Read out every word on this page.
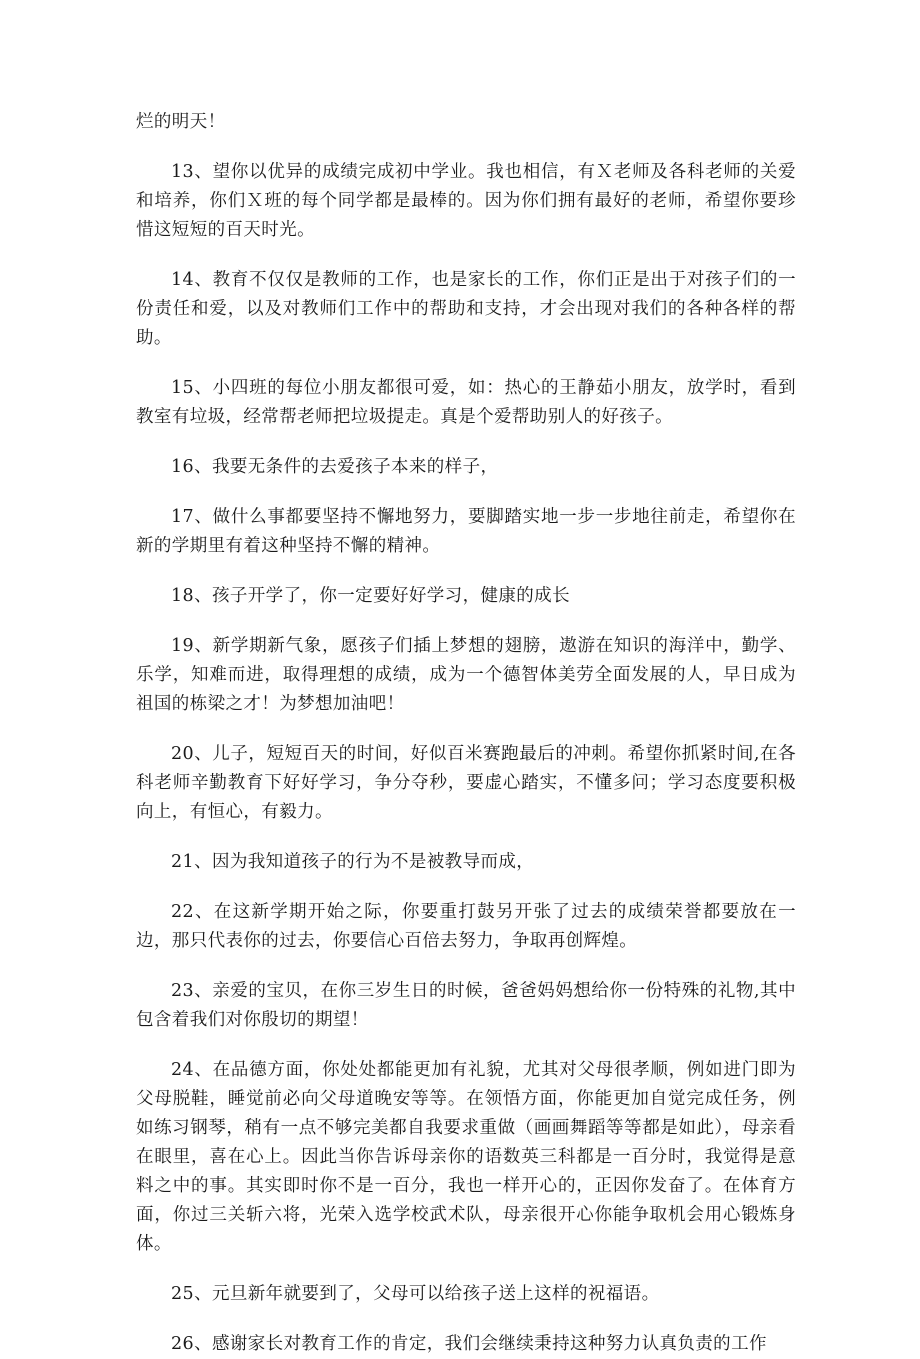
烂的明天！

13、望你以优异的成绩完成初中学业。我也相信，有Ｘ老师及各科老师的关爱和培养，你们Ｘ班的每个同学都是最棒的。因为你们拥有最好的老师，希望你要珍惜这短短的百天时光。

14、教育不仅仅是教师的工作，也是家长的工作，你们正是出于对孩子们的一份责任和爱，以及对教师们工作中的帮助和支持，才会出现对我们的各种各样的帮助。

15、小四班的每位小朋友都很可爱，如：热心的王静茹小朋友，放学时，看到教室有垃圾，经常帮老师把垃圾提走。真是个爱帮助别人的好孩子。

16、我要无条件的去爱孩子本来的样子，

17、做什么事都要坚持不懈地努力，要脚踏实地一步一步地往前走，希望你在新的学期里有着这种坚持不懈的精神。

18、孩子开学了，你一定要好好学习，健康的成长

19、新学期新气象，愿孩子们插上梦想的翅膀，遨游在知识的海洋中，勤学、乐学，知难而进，取得理想的成绩，成为一个德智体美劳全面发展的人，早日成为祖国的栋梁之才！为梦想加油吧！

20、儿子，短短百天的时间，好似百米赛跑最后的冲刺。希望你抓紧时间,在各科老师辛勤教育下好好学习，争分夺秒，要虚心踏实，不懂多问；学习态度要积极向上，有恒心，有毅力。

21、因为我知道孩子的行为不是被教导而成，

22、在这新学期开始之际，你要重打鼓另开张了过去的成绩荣誉都要放在一边，那只代表你的过去，你要信心百倍去努力，争取再创辉煌。

23、亲爱的宝贝，在你三岁生日的时候，爸爸妈妈想给你一份特殊的礼物,其中包含着我们对你殷切的期望！

24、在品德方面，你处处都能更加有礼貌，尤其对父母很孝顺，例如进门即为父母脱鞋，睡觉前必向父母道晚安等等。在领悟方面，你能更加自觉完成任务，例如练习钢琴，稍有一点不够完美都自我要求重做（画画舞蹈等等都是如此），母亲看在眼里，喜在心上。因此当你告诉母亲你的语数英三科都是一百分时，我觉得是意料之中的事。其实即时你不是一百分，我也一样开心的，正因你发奋了。在体育方面，你过三关斩六将，光荣入选学校武术队，母亲很开心你能争取机会用心锻炼身体。

25、元旦新年就要到了，父母可以给孩子送上这样的祝福语。

26、感谢家长对教育工作的肯定，我们会继续秉持这种努力认真负责的工作
